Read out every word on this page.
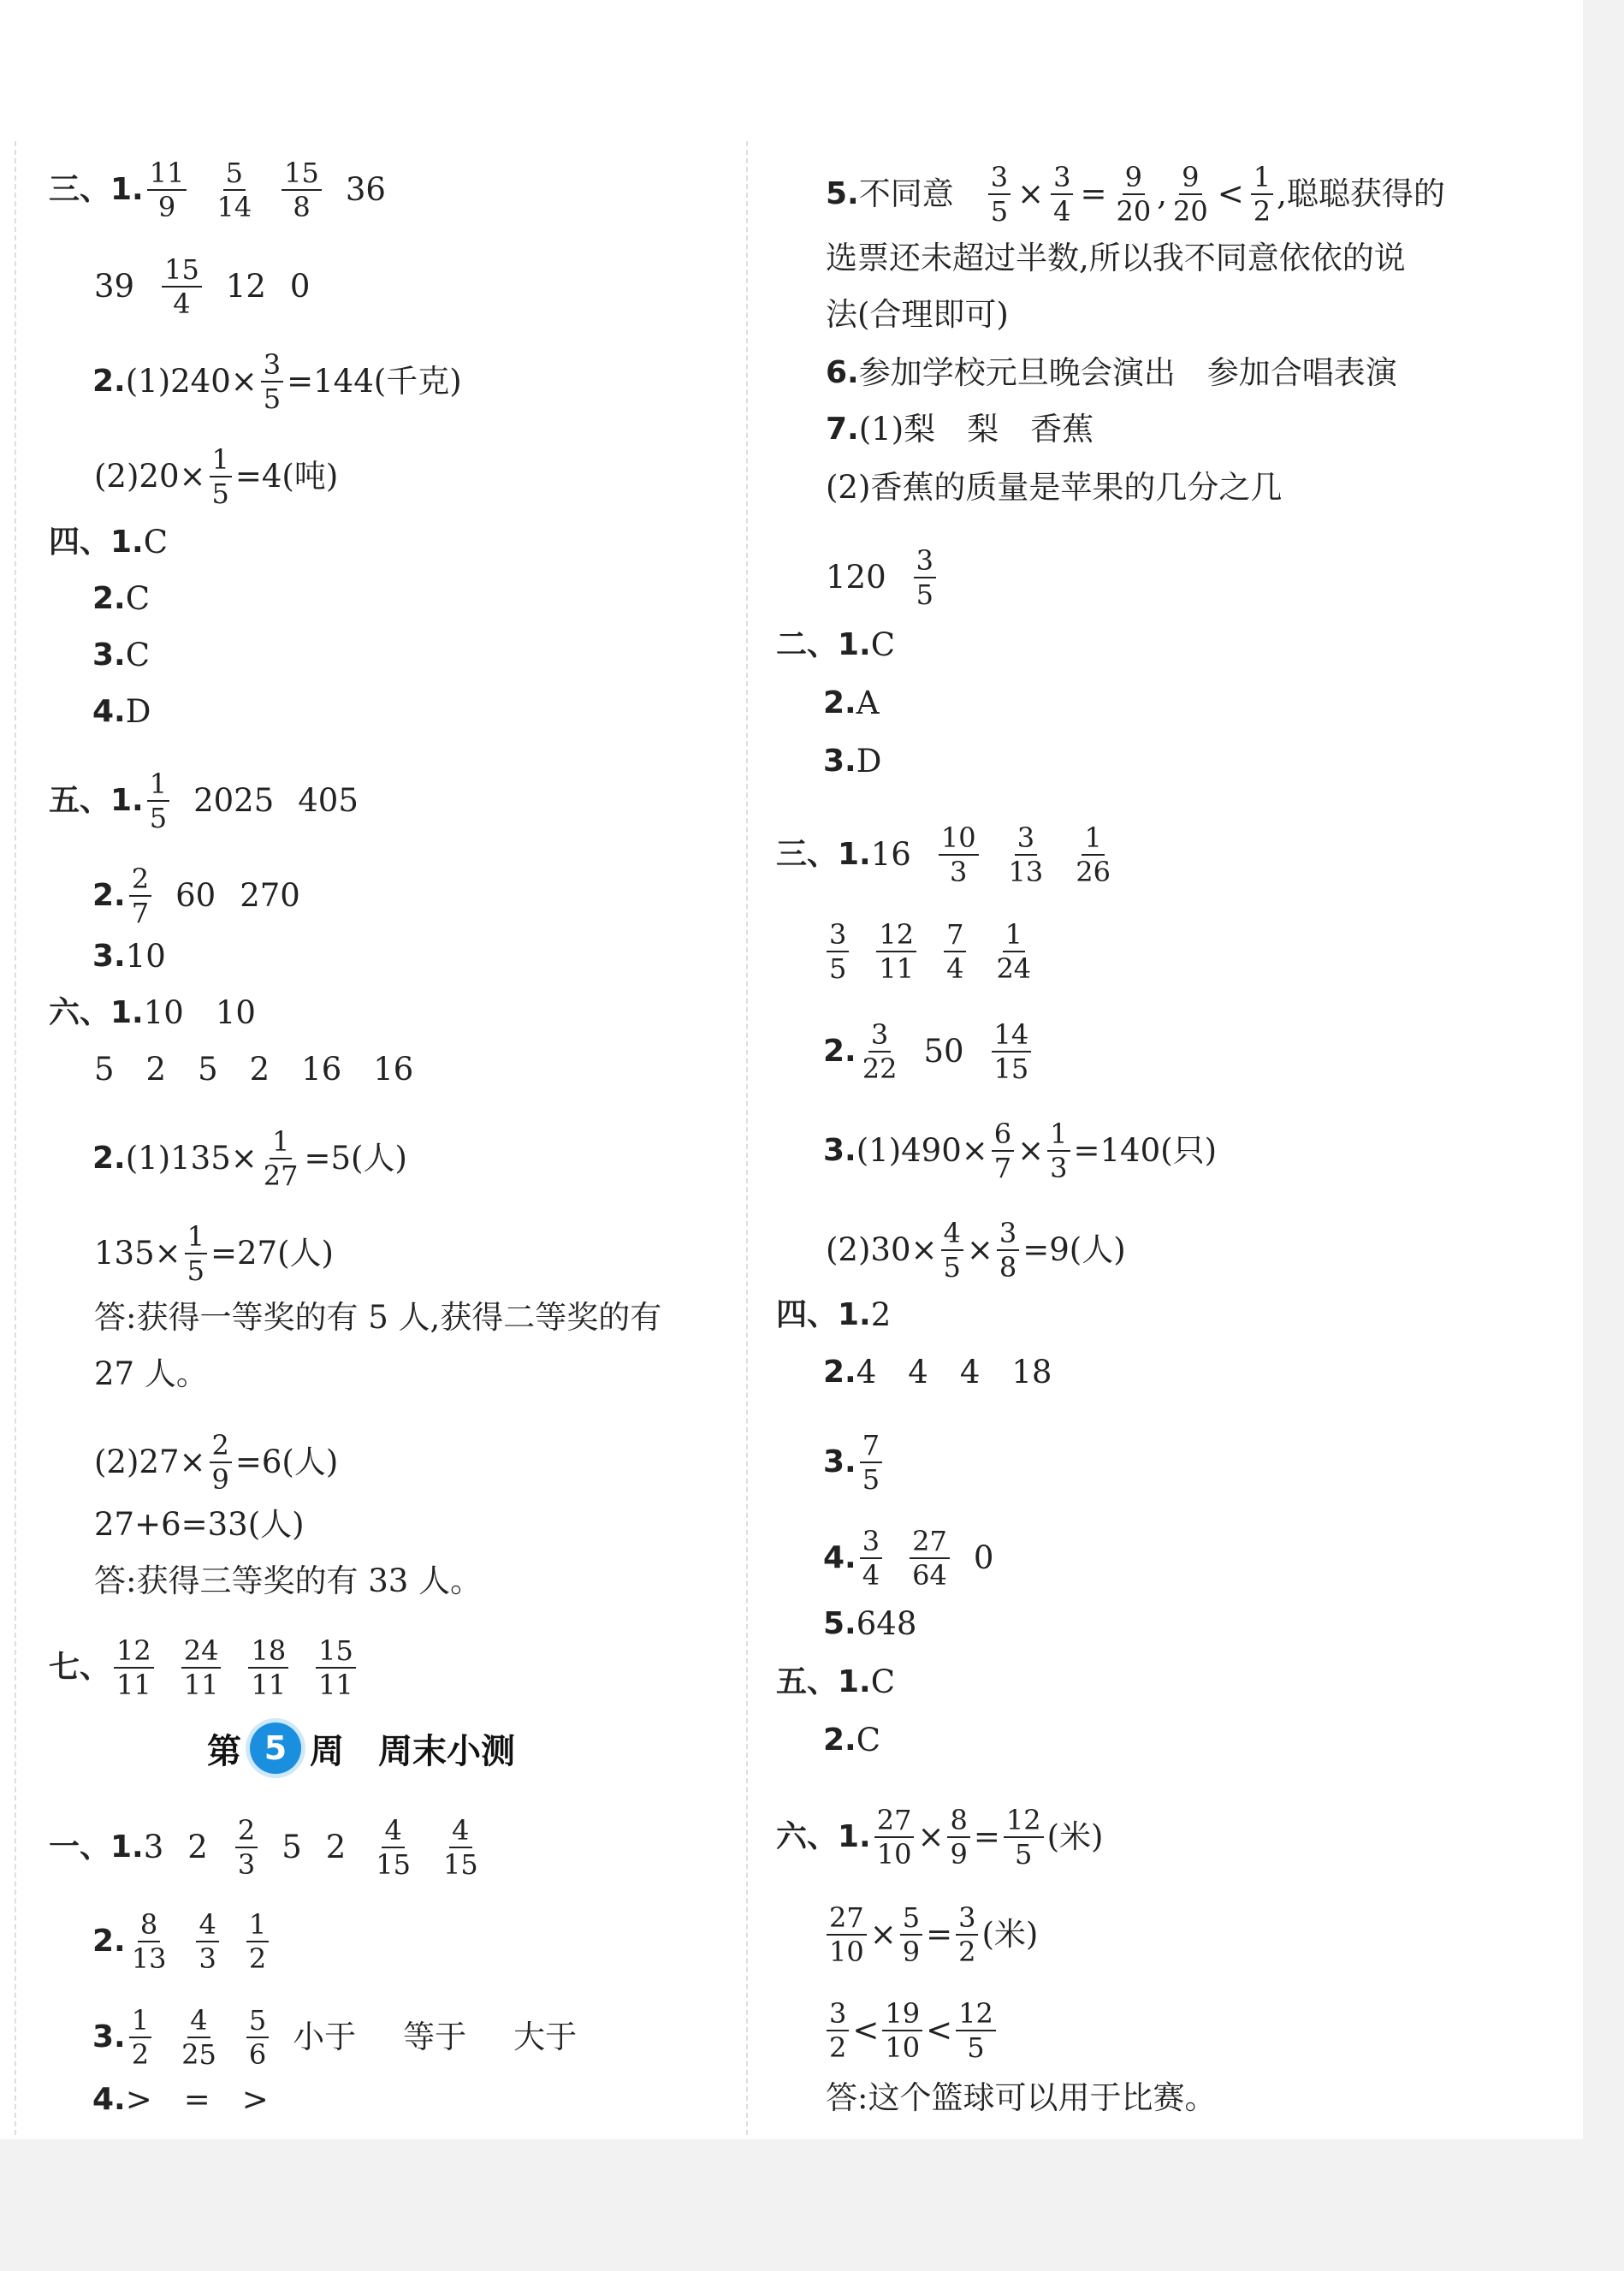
三、1. 11
9
5
14
15
8 36
39 15
4 12 0
2. $(1)240\times \frac{3}{5} =144$(千克)
$(2)20\times \frac{1}{5} =4$(吨)
四、1. C
2. C
3. C
4. D
五、1. 1
5 2025 405
2. 2
7 60 270
3. 10
六、1. 10　10
5　2　5　2　16　16
2. $(1)135\times \frac{1}{27} =5$(人)
$135\times \frac{1}{5} =27$(人)
答:获得一等奖的有 5 人,获得二等奖的有
27 人。
$(2)27\times \frac{2}{9} =6$(人)
27+6=33(人)
答:获得三等奖的有 33 人。
七、 12
11
24
11
18
11
15
11
第 5 周　周末小测
一、1. 3 2 2
3 5 2 4
15
4
15
2. 8
13
4
3
1
2
3. 1
2
4
25
5
6 小于 等于 大于
4. >　=　>
5. 不同意 $\frac{3}{5} \times \frac{3}{4} = \frac{9}{20}$ , 9
20 < 1
2 ,聪聪获得的
选票还未超过半数,所以我不同意依依的说
法(合理即可)
6. 参加学校元旦晚会演出　参加合唱表演
7. (1)梨　梨　香蕉
(2)香蕉的质量是苹果的几分之几
120 3
5
二、1. C
2. A
3. D
三、1. 16 10
3
3
13
1
26
3
5
12
11
7
4
1
24
2. 3
22 50 14
15
3. $(1)490\times \frac{6}{7} \times \frac{1}{3} =140$(只)
$(2)30\times \frac{4}{5} \times \frac{3}{8} =9$(人)
四、1. 2
2. 4　4　4　18
3. 7
5
4. 3
4
27
64 0
5. 648
五、1. C
2. C
六、1. $\frac{27}{10} \times \frac{8}{9} = \frac{12}{5}$ (米)
$\frac{27}{10} \times \frac{5}{9} = \frac{3}{2}$ (米)
3
2 < 19
10 < 12
5
答:这个篮球可以用于比赛。
